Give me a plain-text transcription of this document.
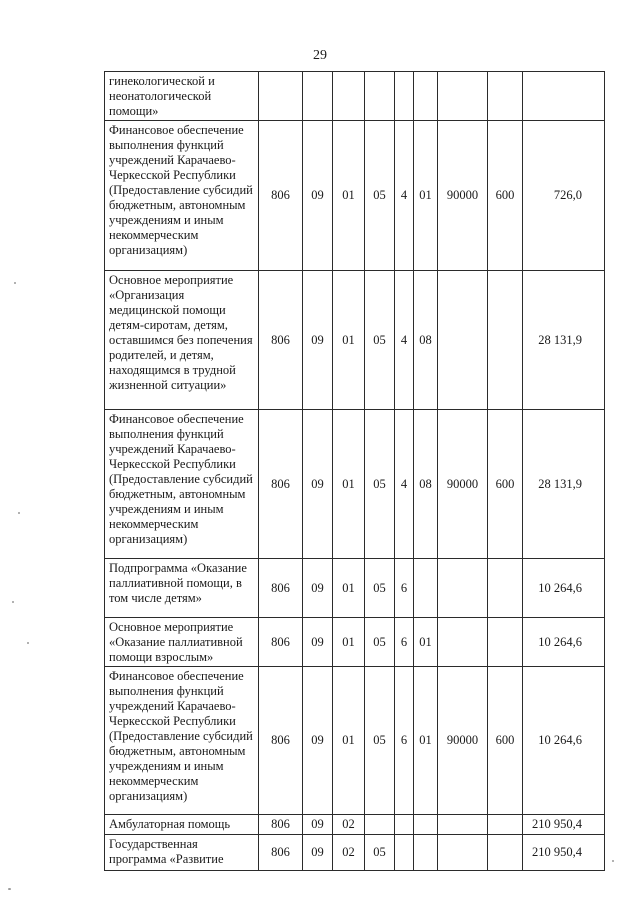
29
гинекологической и неонатологической помощи»									
Финансовое обеспечение выполнения функций учреждений Карачаево-Черкесской Республики (Предоставление субсидий бюджетным, автономным учреждениям и иным некоммерческим организациям)	806	09	01	05	4	01	90000	600	726,0
Основное мероприятие «Организация медицинской помощи детям-сиротам, детям, оставшимся без попечения родителей, и детям, находящимся в трудной жизненной ситуации»	806	09	01	05	4	08			28 131,9
Финансовое обеспечение выполнения функций учреждений Карачаево-Черкесской Республики (Предоставление субсидий бюджетным, автономным учреждениям и иным некоммерческим организациям)	806	09	01	05	4	08	90000	600	28 131,9
Подпрограмма «Оказание паллиативной помощи, в том числе детям»	806	09	01	05	6				10 264,6
Основное мероприятие «Оказание паллиативной помощи взрослым»	806	09	01	05	6	01			10 264,6
Финансовое обеспечение выполнения функций учреждений Карачаево-Черкесской Республики (Предоставление субсидий бюджетным, автономным учреждениям и иным некоммерческим организациям)	806	09	01	05	6	01	90000	600	10 264,6
Амбулаторная помощь	806	09	02						210 950,4
Государственная программа «Развитие	806	09	02	05					210 950,4
